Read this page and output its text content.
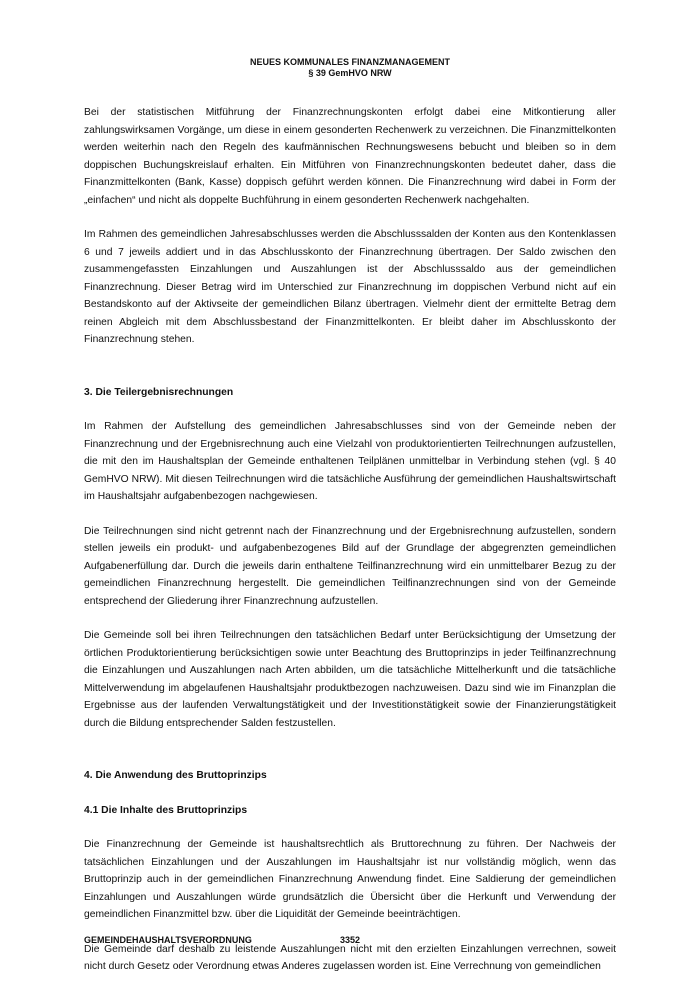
NEUES KOMMUNALES FINANZMANAGEMENT
§ 39 GemHVO NRW

Bei der statistischen Mitführung der Finanzrechnungskonten erfolgt dabei eine Mitkontierung aller zahlungswirksamen Vorgänge, um diese in einem gesonderten Rechenwerk zu verzeichnen. Die Finanzmittelkonten werden weiterhin nach den Regeln des kaufmännischen Rechnungswesens bebucht und bleiben so in dem doppischen Buchungskreislauf erhalten. Ein Mitführen von Finanzrechnungskonten bedeutet daher, dass die Finanzmittelkonten (Bank, Kasse) doppisch geführt werden können. Die Finanzrechnung wird dabei in Form der „einfachen“ und nicht als doppelte Buchführung in einem gesonderten Rechenwerk nachgehalten.

Im Rahmen des gemeindlichen Jahresabschlusses werden die Abschlusssalden der Konten aus den Kontenklassen 6 und 7 jeweils addiert und in das Abschlusskonto der Finanzrechnung übertragen. Der Saldo zwischen den zusammengefassten Einzahlungen und Auszahlungen ist der Abschlusssaldo aus der gemeindlichen Finanzrechnung. Dieser Betrag wird im Unterschied zur Finanzrechnung im doppischen Verbund nicht auf ein Bestandskonto auf der Aktivseite der gemeindlichen Bilanz übertragen. Vielmehr dient der ermittelte Betrag dem reinen Abgleich mit dem Abschlussbestand der Finanzmittelkonten. Er bleibt daher im Abschlusskonto der Finanzrechnung stehen.

3. Die Teilergebnisrechnungen

Im Rahmen der Aufstellung des gemeindlichen Jahresabschlusses sind von der Gemeinde neben der Finanzrechnung und der Ergebnisrechnung auch eine Vielzahl von produktorientierten Teilrechnungen aufzustellen, die mit den im Haushaltsplan der Gemeinde enthaltenen Teilplänen unmittelbar in Verbindung stehen (vgl. § 40 GemHVO NRW). Mit diesen Teilrechnungen wird die tatsächliche Ausführung der gemeindlichen Haushaltswirtschaft im Haushaltsjahr aufgabenbezogen nachgewiesen.

Die Teilrechnungen sind nicht getrennt nach der Finanzrechnung und der Ergebnisrechnung aufzustellen, sondern stellen jeweils ein produkt- und aufgabenbezogenes Bild auf der Grundlage der abgegrenzten gemeindlichen Aufgabenerfüllung dar. Durch die jeweils darin enthaltene Teilfinanzrechnung wird ein unmittelbarer Bezug zu der gemeindlichen Finanzrechnung hergestellt. Die gemeindlichen Teilfinanzrechnungen sind von der Gemeinde entsprechend der Gliederung ihrer Finanzrechnung aufzustellen.

Die Gemeinde soll bei ihren Teilrechnungen den tatsächlichen Bedarf unter Berücksichtigung der Umsetzung der örtlichen Produktorientierung berücksichtigen sowie unter Beachtung des Bruttoprinzips in jeder Teilfinanzrechnung die Einzahlungen und Auszahlungen nach Arten abbilden, um die tatsächliche Mittelherkunft und die tatsächliche Mittelverwendung im abgelaufenen Haushaltsjahr produktbezogen nachzuweisen. Dazu sind wie im Finanzplan die Ergebnisse aus der laufenden Verwaltungstätigkeit und der Investitionstätigkeit sowie der Finanzierungstätigkeit durch die Bildung entsprechender Salden festzustellen.

4. Die Anwendung des Bruttoprinzips
4.1 Die Inhalte des Bruttoprinzips

Die Finanzrechnung der Gemeinde ist haushaltsrechtlich als Bruttorechnung zu führen. Der Nachweis der tatsächlichen Einzahlungen und der Auszahlungen im Haushaltsjahr ist nur vollständig möglich, wenn das Bruttoprinzip auch in der gemeindlichen Finanzrechnung Anwendung findet. Eine Saldierung der gemeindlichen Einzahlungen und Auszahlungen würde grundsätzlich die Übersicht über die Herkunft und Verwendung der gemeindlichen Finanzmittel bzw. über die Liquidität der Gemeinde beeinträchtigen.

Die Gemeinde darf deshalb zu leistende Auszahlungen nicht mit den erzielten Einzahlungen verrechnen, soweit nicht durch Gesetz oder Verordnung etwas Anderes zugelassen worden ist. Eine Verrechnung von gemeindlichen

GEMEINDEHAUSHALTSVERORDNUNG	3352
